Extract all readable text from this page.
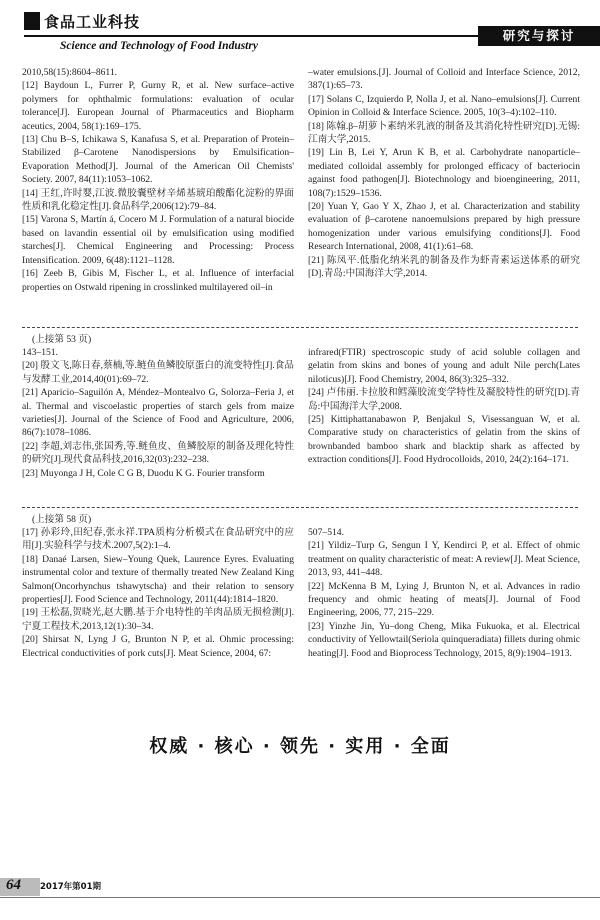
食品工业科技
Science and Technology of Food Industry
研究与探讨

2010,58(15):8604–8611.

[12] Baydoun L, Furrer P, Gurny R, et al. New surface–active polymers for ophthalmic formulations: evaluation of ocular tolerance[J]. European Journal of Pharmaceutics and Biopharm aceutics, 2004, 58(1):169–175.

[13] Chu B–S, Ichikawa S, Kanafusa S, et al. Preparation of Protein–Stabilized β–Carotene Nanodispersions by Emulsification–Evaporation Method[J]. Journal of the American Oil Chemists' Society. 2007, 84(11):1053–1062.

[14] 王红,许时婴,江波.微胶囊壁材辛烯基琥珀酸酯化淀粉的界面性质和乳化稳定性[J].食品科学,2006(12):79–84.

[15] Varona S, Martín á, Cocero M J. Formulation of a natural biocide based on lavandin essential oil by emulsification using modified starches[J]. Chemical Engineering and Processing: Process Intensification. 2009, 6(48):1121–1128.

[16] Zeeb B, Gibis M, Fischer L, et al. Influence of interfacial properties on Ostwald ripening in crosslinked multilayered oil–in

–water emulsions.[J]. Journal of Colloid and Interface Science, 2012, 387(1):65–73.

[17] Solans C, Izquierdo P, Nolla J, et al. Nano–emulsions[J]. Current Opinion in Colloid & Interface Science. 2005, 10(3–4):102–110.

[18] 陈翰.β–胡萝卜素纳米乳液的制备及其消化特性研究[D].无锡:江南大学,2015.

[19] Lin B, Lei Y, Arun K B, et al. Carbohydrate nanoparticle–mediated colloidal assembly for prolonged efficacy of bacteriocin against food pathogen[J]. Biotechnology and bioengineering, 2011, 108(7):1529–1536.

[20] Yuan Y, Gao Y X, Zhao J, et al. Characterization and stability evaluation of β–carotene nanoemulsions prepared by high pressure homogenization under various emulsifying conditions[J]. Food Research International, 2008, 41(1):61–68.

[21] 陈凤平.低脂化纳米乳的制备及作为虾青素运送体系的研究[D].青岛:中国海洋大学,2014.

(上接第 53 页)

143–151.

[20] 殷文飞,陈日春,蔡楠,等.鲢鱼鱼鳞胶原蛋白的流变特性[J].食品与发酵工业,2014,40(01):69–72.

[21] Aparicio–Saguilón A, Méndez–Montealvo G, Solorza–Feria J, et al. Thermal and viscoelastic properties of starch gels from maize varieties[J]. Journal of the Science of Food and Agriculture, 2006, 86(7):1078–1086.

[22] 李超,刘志伟,张国秀,等.鲢鱼皮、鱼鳞胶原的制备及理化特性的研究[J].现代食品科技,2016,32(03):232–238.

[23] Muyonga J H, Cole C G B, Duodu K G. Fourier transform

infrared(FTIR) spectroscopic study of acid soluble collagen and gelatin from skins and bones of young and adult Nile perch(Lates niloticus)[J]. Food Chemistry, 2004, 86(3):325–332.

[24] 卢伟丽.卡拉胶和鳕藻胶流变学特性及凝胶特性的研究[D].青岛:中国海洋大学,2008.

[25] Kittiphattanabawon P, Benjakul S, Visessanguan W, et al. Comparative study on characteristics of gelatin from the skins of brownbanded bamboo shark and blacktip shark as affected by extraction conditions[J]. Food Hydrocolloids, 2010, 24(2):164–171.

(上接第 58 页)

[17] 孙彩玲,田纪春,张永祥.TPA质构分析模式在食品研究中的应用[J].实验科学与技术.2007,5(2):1–4.

[18] Danaé Larsen, Siew–Young Quek, Laurence Eyres. Evaluating instrumental color and texture of thermally treated New Zealand King Salmon(Oncorhynchus tshawytscha) and their relation to sensory properties[J]. Food Science and Technology, 2011(44):1814–1820.

[19] 王松磊,贺晓光,赵大鹏.基于介电特性的羊肉品质无损检测[J].宁夏工程技术,2013,12(1):30–34.

[20] Shirsat N, Lyng J G, Brunton N P, et al. Ohmic processing: Electrical conductivities of pork cuts[J]. Meat Science, 2004, 67:

507–514.

[21] Yildiz–Turp G, Sengun I Y, Kendirci P, et al. Effect of ohmic treatment on quality characteristic of meat: A review[J]. Meat Science, 2013, 93, 441–448.

[22] McKenna B M, Lying J, Brunton N, et al. Advances in radio frequency and ohmic heating of meats[J]. Journal of Food Engineering, 2006, 77, 215–229.

[23] Yinzhe Jin, Yu–dong Cheng, Mika Fukuoka, et al. Electrical conductivity of Yellowtail(Seriola quinqueradiata) fillets during ohmic heating[J]. Food and Bioprocess Technology, 2015, 8(9):1904–1913.

权威 · 核心 · 领先 · 实用 · 全面
64 2017年第01期
